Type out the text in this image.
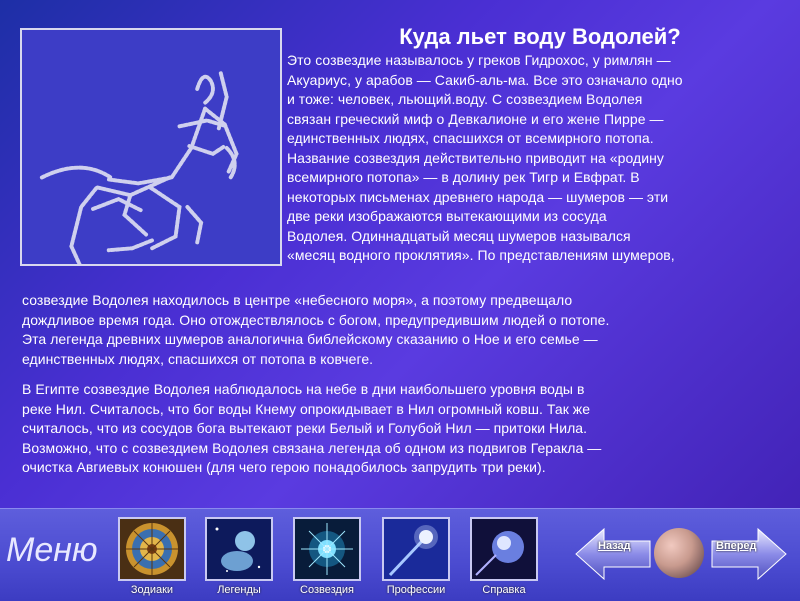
Куда льет воду Водолей?
Это созвездие называлось у греков Гидрохос, у римлян —
Акуариус, у арабов — Сакиб-аль-ма. Все это означало одно
и тоже: человек, льющий.воду. С созвездием Водолея
связан греческий миф о Девкалионе и его жене Пирре —
единственных людях, спасшихся от всемирного потопа.
Название созвездия действительно приводит на «родину
всемирного потопа» — в долину рек Тигр и Евфрат. В
некоторых письменах древнего народа — шумеров — эти
две реки изображаются вытекающими из сосуда
Водолея. Одиннадцатый месяц шумеров назывался
«месяц водного проклятия». По представлениям шумеров,
созвездие Водолея находилось в центре «небесного моря», а поэтому предвещало
дождливое время года. Оно отождествлялось с богом, предупредившим людей о потопе.
Эта легенда древних шумеров аналогична библейскому сказанию о Ное и его семье —
единственных людях, спасшихся от потопа в ковчеге.
В Египте созвездие Водолея наблюдалось на небе в дни наибольшего уровня воды в
реке Нил. Считалось, что бог воды Кнему опрокидывает в Нил огромный ковш. Так же
считалось, что из сосудов бога вытекают реки Белый и Голубой Нил — притоки Нила.
Возможно, что с созвездием Водолея связана легенда об одном из подвигов Геракла —
очистка Авгиевых конюшен (для чего герою понадобилось запрудить три реки).
Меню
Зодиаки	Легенды	Созвездия	Профессии	Справка
Назад	Вперед
